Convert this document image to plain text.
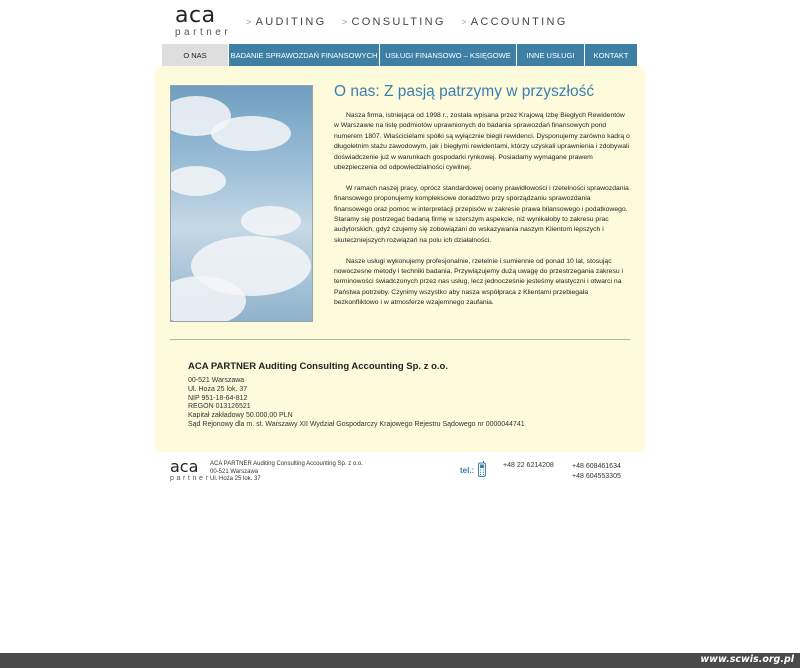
aca
partner
> AUDITING > CONSULTING > ACCOUNTING
O NAS	BADANIE SPRAWOZDAŃ FINANSOWYCH	USŁUGI FINANSOWO – KSIĘGOWE	INNE USŁUGI	KONTAKT
O nas: Z pasją patrzymy w przyszłość

Nasza firma, istniejąca od 1998 r., została wpisana przez Krajową Izbę Biegłych Rewidentów w Warszawie na listę podmiotów uprawnionych do badania sprawozdań finansowych pond numerem 1807. Właścicielami spółki są wyłącznie biegli rewidenci. Dysponujemy zarówno kadrą o długoletnim stażu zawodowym, jak i biegłymi rewidentami, którzy uzyskali uprawnienia i zdobywali doświadczenie już w warunkach gospodarki rynkowej. Posiadamy wymagane prawem ubezpieczenia od odpowiedzialności cywilnej.

W ramach naszej pracy, oprócz standardowej oceny prawidłowości i rzetelności sprawozdania finansowego proponujemy kompleksowe doradztwo przy sporządzaniu sprawozdania finansowego oraz pomoc w interpretacji przepisów w zakresie prawa bilansowego i podatkowego. Staramy się postrzegać badaną firmę w szerszym aspekcie, niż wynikałoby to zakresu prac audytorskich, gdyż czujemy się zobowiązani do wskazywania naszym Klientom lepszych i skuteczniejszych rozwiązań na polu ich działalności.

Nasze usługi wykonujemy profesjonalnie, rzetelnie i sumiennie od ponad 10 lat, stosując nowoczesne metody i techniki badania. Przywiązujemy dużą uwagę do przestrzegania zakresu i terminowości świadczonych przez nas usług, lecz jednocześnie jesteśmy elastyczni i otwarci na Państwa potrzeby. Czynimy wszystko aby nasza współpraca z Klientami przebiegała bezkonfliktowo i w atmosferze wzajemnego zaufania.

ACA PARTNER Auditing Consulting Accounting Sp. z o.o.
00-521 Warszawa
Ul. Hoża 25 lok. 37
NIP 951-18-64-812
REGON 013126521
Kapitał zakładowy 50.000,00 PLN
Sąd Rejonowy dla m. st. Warszawy XII Wydział Gospodarczy Krajowego Rejestru Sądowego nr 0000044741
aca
partner
ACA PARTNER Auditing Consulting Accounting Sp. z o.o.
00-521 Warszawa
Ul. Hoża 25 lok. 37
tel.:
+48 22 6214208	+48 608461634
+48 604553305
www.scwis.org.pl
